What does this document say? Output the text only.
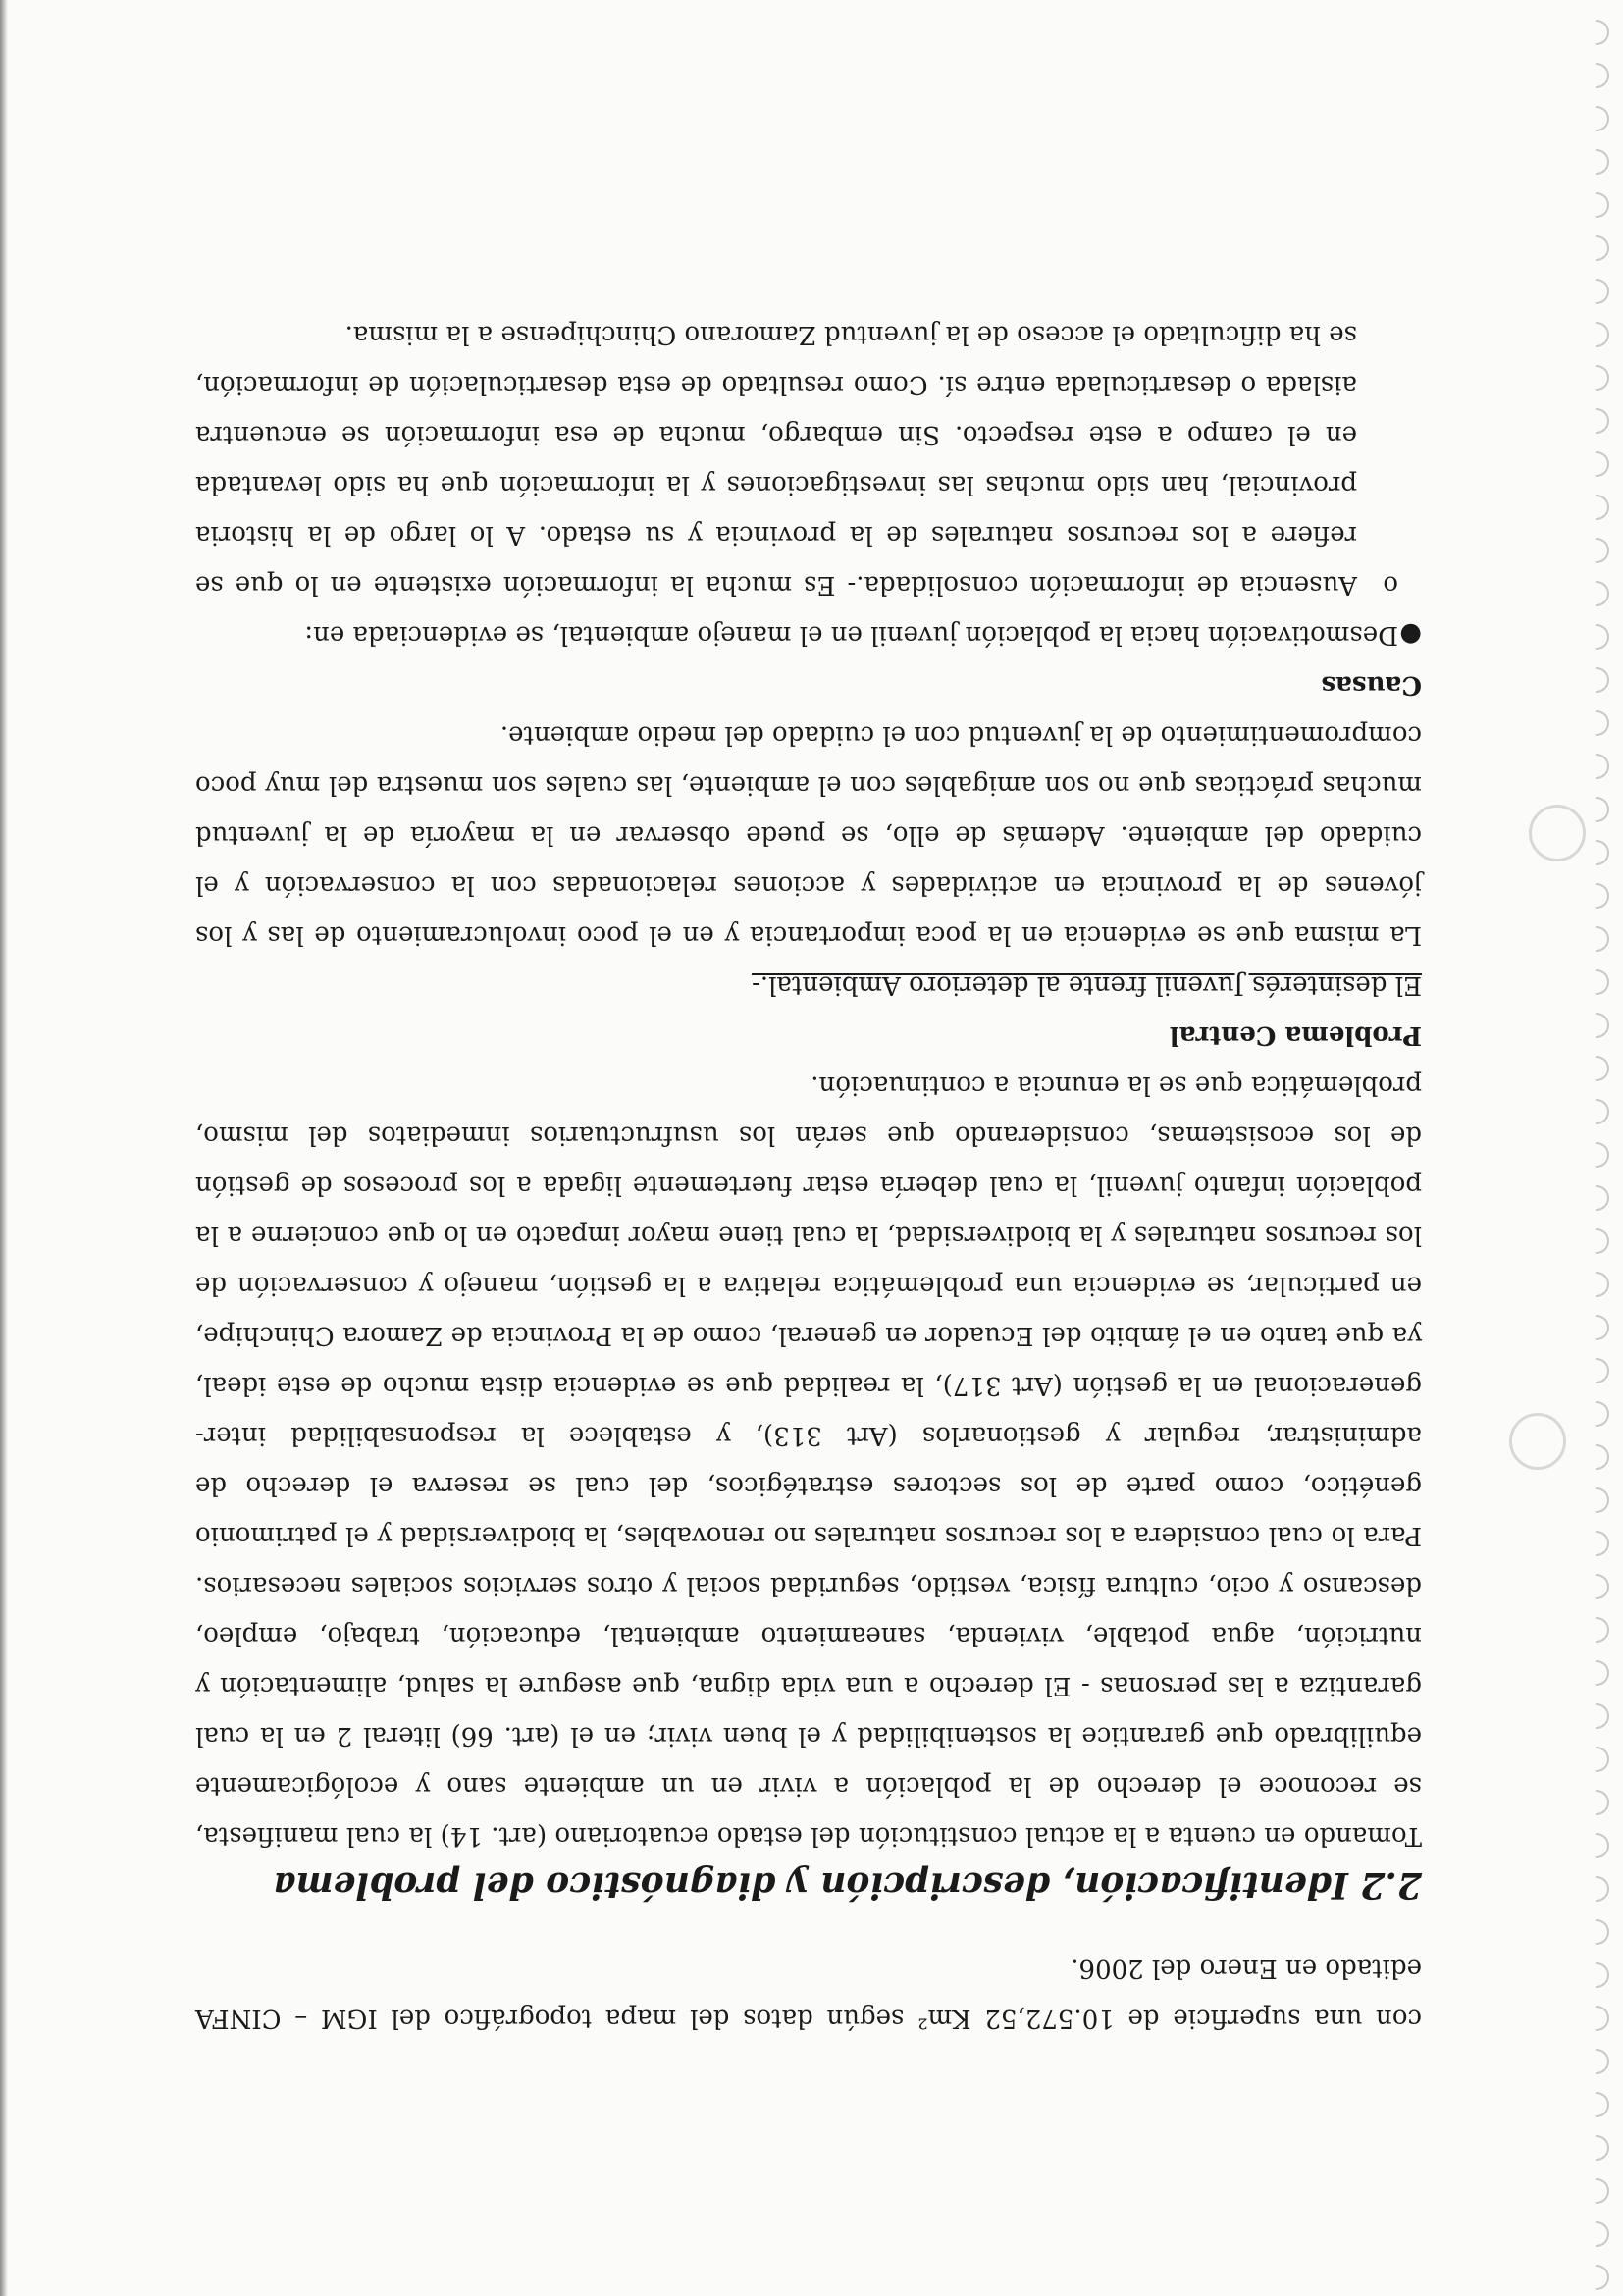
con una superficie de 10.572,52 Km² según datos del mapa topográfico del IGM – CINFA editado en Enero del 2006.

2.2 Identificación, descripción y diagnóstico del problema

Tomando en cuenta a la actual constitución del estado ecuatoriano (art. 14) la cual manifiesta, se reconoce el derecho de la población a vivir en un ambiente sano y ecológicamente equilibrado que garantice la sostenibilidad y el buen vivir; en el (art. 66) literal 2 en la cual garantiza a las personas - El derecho a una vida digna, que asegure la salud, alimentación y nutrición, agua potable, vivienda, saneamiento ambiental, educación, trabajo, empleo, descanso y ocio, cultura física, vestido, seguridad social y otros servicios sociales necesarios. Para lo cual considera a los recursos naturales no renovables, la biodiversidad y el patrimonio genético, como parte de los sectores estratégicos, del cual se reserva el derecho de administrar, regular y gestionarlos (Art 313), y establece la responsabilidad inter-generacional en la gestión (Art 317), la realidad que se evidencia dista mucho de este ideal, ya que tanto en el ámbito del Ecuador en general, como de la Provincia de Zamora Chinchipe, en particular, se evidencia una problemática relativa a la gestión, manejo y conservación de los recursos naturales y la biodiversidad, la cual tiene mayor impacto en lo que concierne a la población infanto juvenil, la cual debería estar fuertemente ligada a los procesos de gestión de los ecosistemas, considerando que serán los usufructuarios inmediatos del mismo, problemática que se la enuncia a continuación.

Problema Central

El desinterés Juvenil frente al deterioro Ambiental.-

La misma que se evidencia en la poca importancia y en el poco involucramiento de las y los jóvenes de la provincia en actividades y acciones relacionadas con la conservación y el cuidado del ambiente. Además de ello, se puede observar en la mayoría de la juventud muchas prácticas que no son amigables con el ambiente, las cuales son muestra del muy poco compromentimiento de la juventud con el cuidado del medio ambiente.

Causas

●
Desmotivación hacia la población juvenil en el manejo ambiental, se evidenciada en:
o
Ausencia de información consolidada.- Es mucha la información existente en lo que se refiere a los recursos naturales de la provincia y su estado. A lo largo de la historia provincial, han sido muchas las investigaciones y la información que ha sido levantada en el campo a este respecto. Sin embargo, mucha de esa información se encuentra aislada o desarticulada entre sí. Como resultado de esta desarticulación de información, se ha dificultado el acceso de la juventud Zamorano Chinchipense a la misma.
